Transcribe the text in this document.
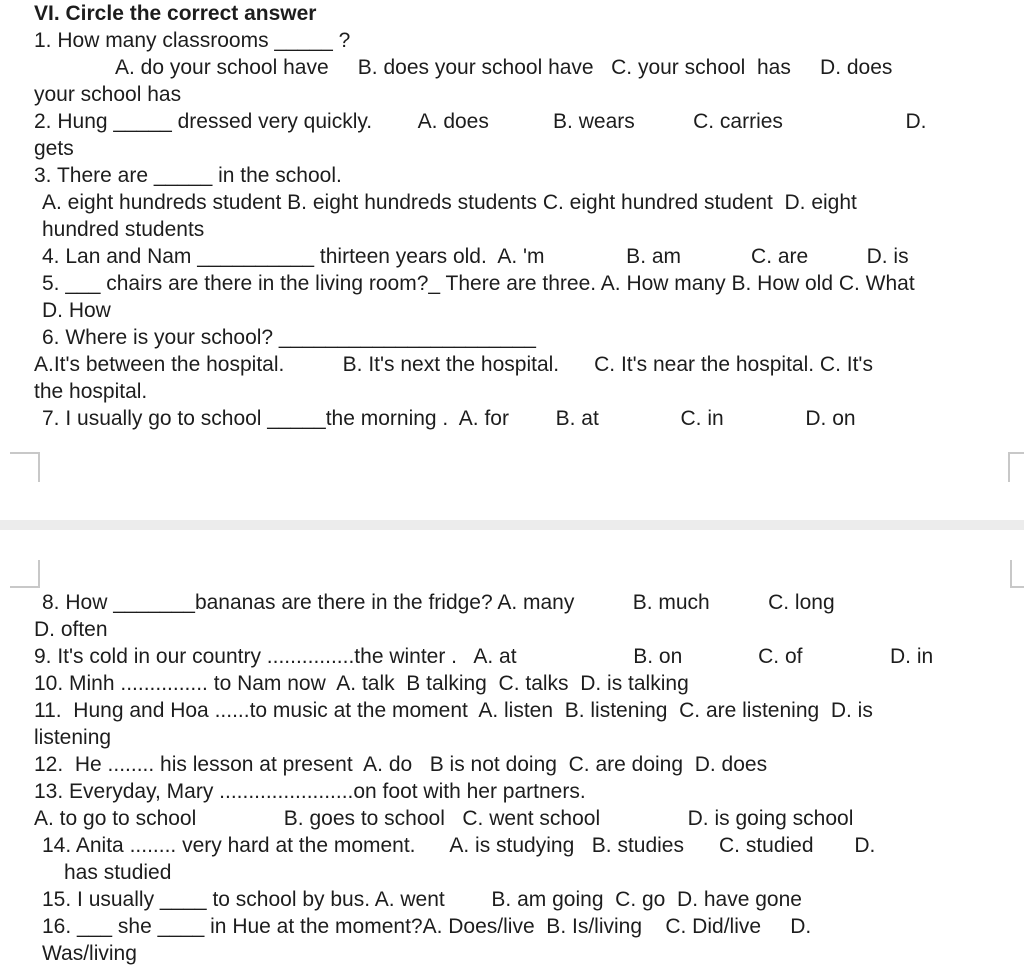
VI. Circle the correct answer
1. How many classrooms _____ ?
A. do your school have     B. does your school have   C. your school  has     D. does
your school has
2. Hung _____ dressed very quickly.        A. does           B. wears          C. carries                     D.
gets
3. There are _____ in the school.
A. eight hundreds student B. eight hundreds students C. eight hundred student  D. eight
hundred students
4. Lan and Nam __________ thirteen years old.  A. 'm              B. am            C. are          D. is
5. ___ chairs are there in the living room?_ There are three. A. How many B. How old C. What
D. How
6. Where is your school? ______________________
A.It's between the hospital.          B. It's next the hospital.      C. It's near the hospital. C. It's
the hospital.
7. I usually go to school _____the morning .  A. for        B. at              C. in              D. on
8. How _______bananas are there in the fridge? A. many          B. much          C. long
D. often
9. It's cold in our country ...............the winter .   A. at                    B. on             C. of               D. in
10. Minh ............... to Nam now  A. talk  B talking  C. talks  D. is talking
11.  Hung and Hoa ......to music at the moment  A. listen  B. listening  C. are listening  D. is
listening
12.  He ........ his lesson at present  A. do   B is not doing  C. are doing  D. does
13. Everyday, Mary .......................on foot with her partners.
A. to go to school               B. goes to school   C. went school               D. is going school
14. Anita ........ very hard at the moment.      A. is studying   B. studies      C. studied       D.
has studied
15. I usually ____ to school by bus. A. went        B. am going  C. go  D. have gone
16. ___ she ____ in Hue at the moment?A. Does/live  B. Is/living    C. Did/live     D.
Was/living
